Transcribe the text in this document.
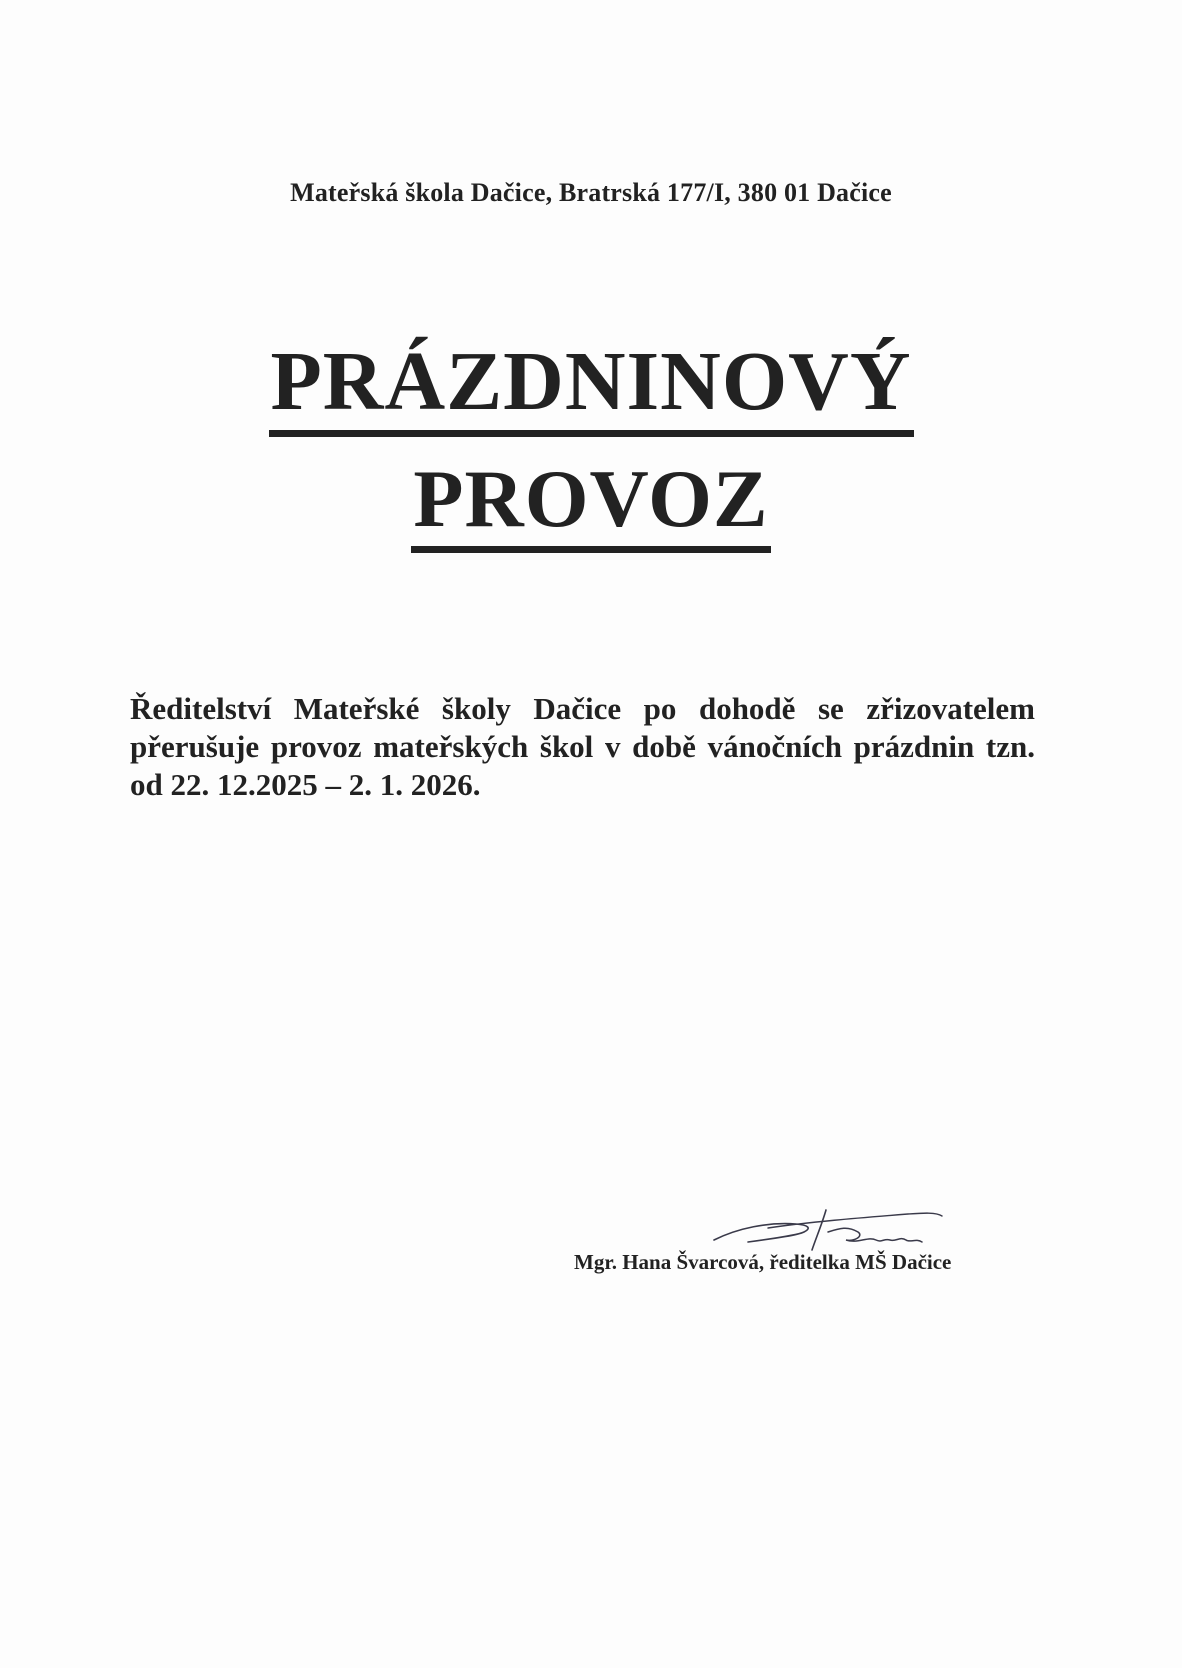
Mateřská škola Dačice, Bratrská 177/I, 380 01 Dačice
PRÁZDNINOVÝ
PROVOZ
Ředitelství Mateřské školy Dačice po dohodě se zřizovatelem přerušuje provoz mateřských škol v době vánočních prázdnin tzn. od 22. 12.2025 – 2. 1. 2026.
Mgr. Hana Švarcová, ředitelka MŠ Dačice
